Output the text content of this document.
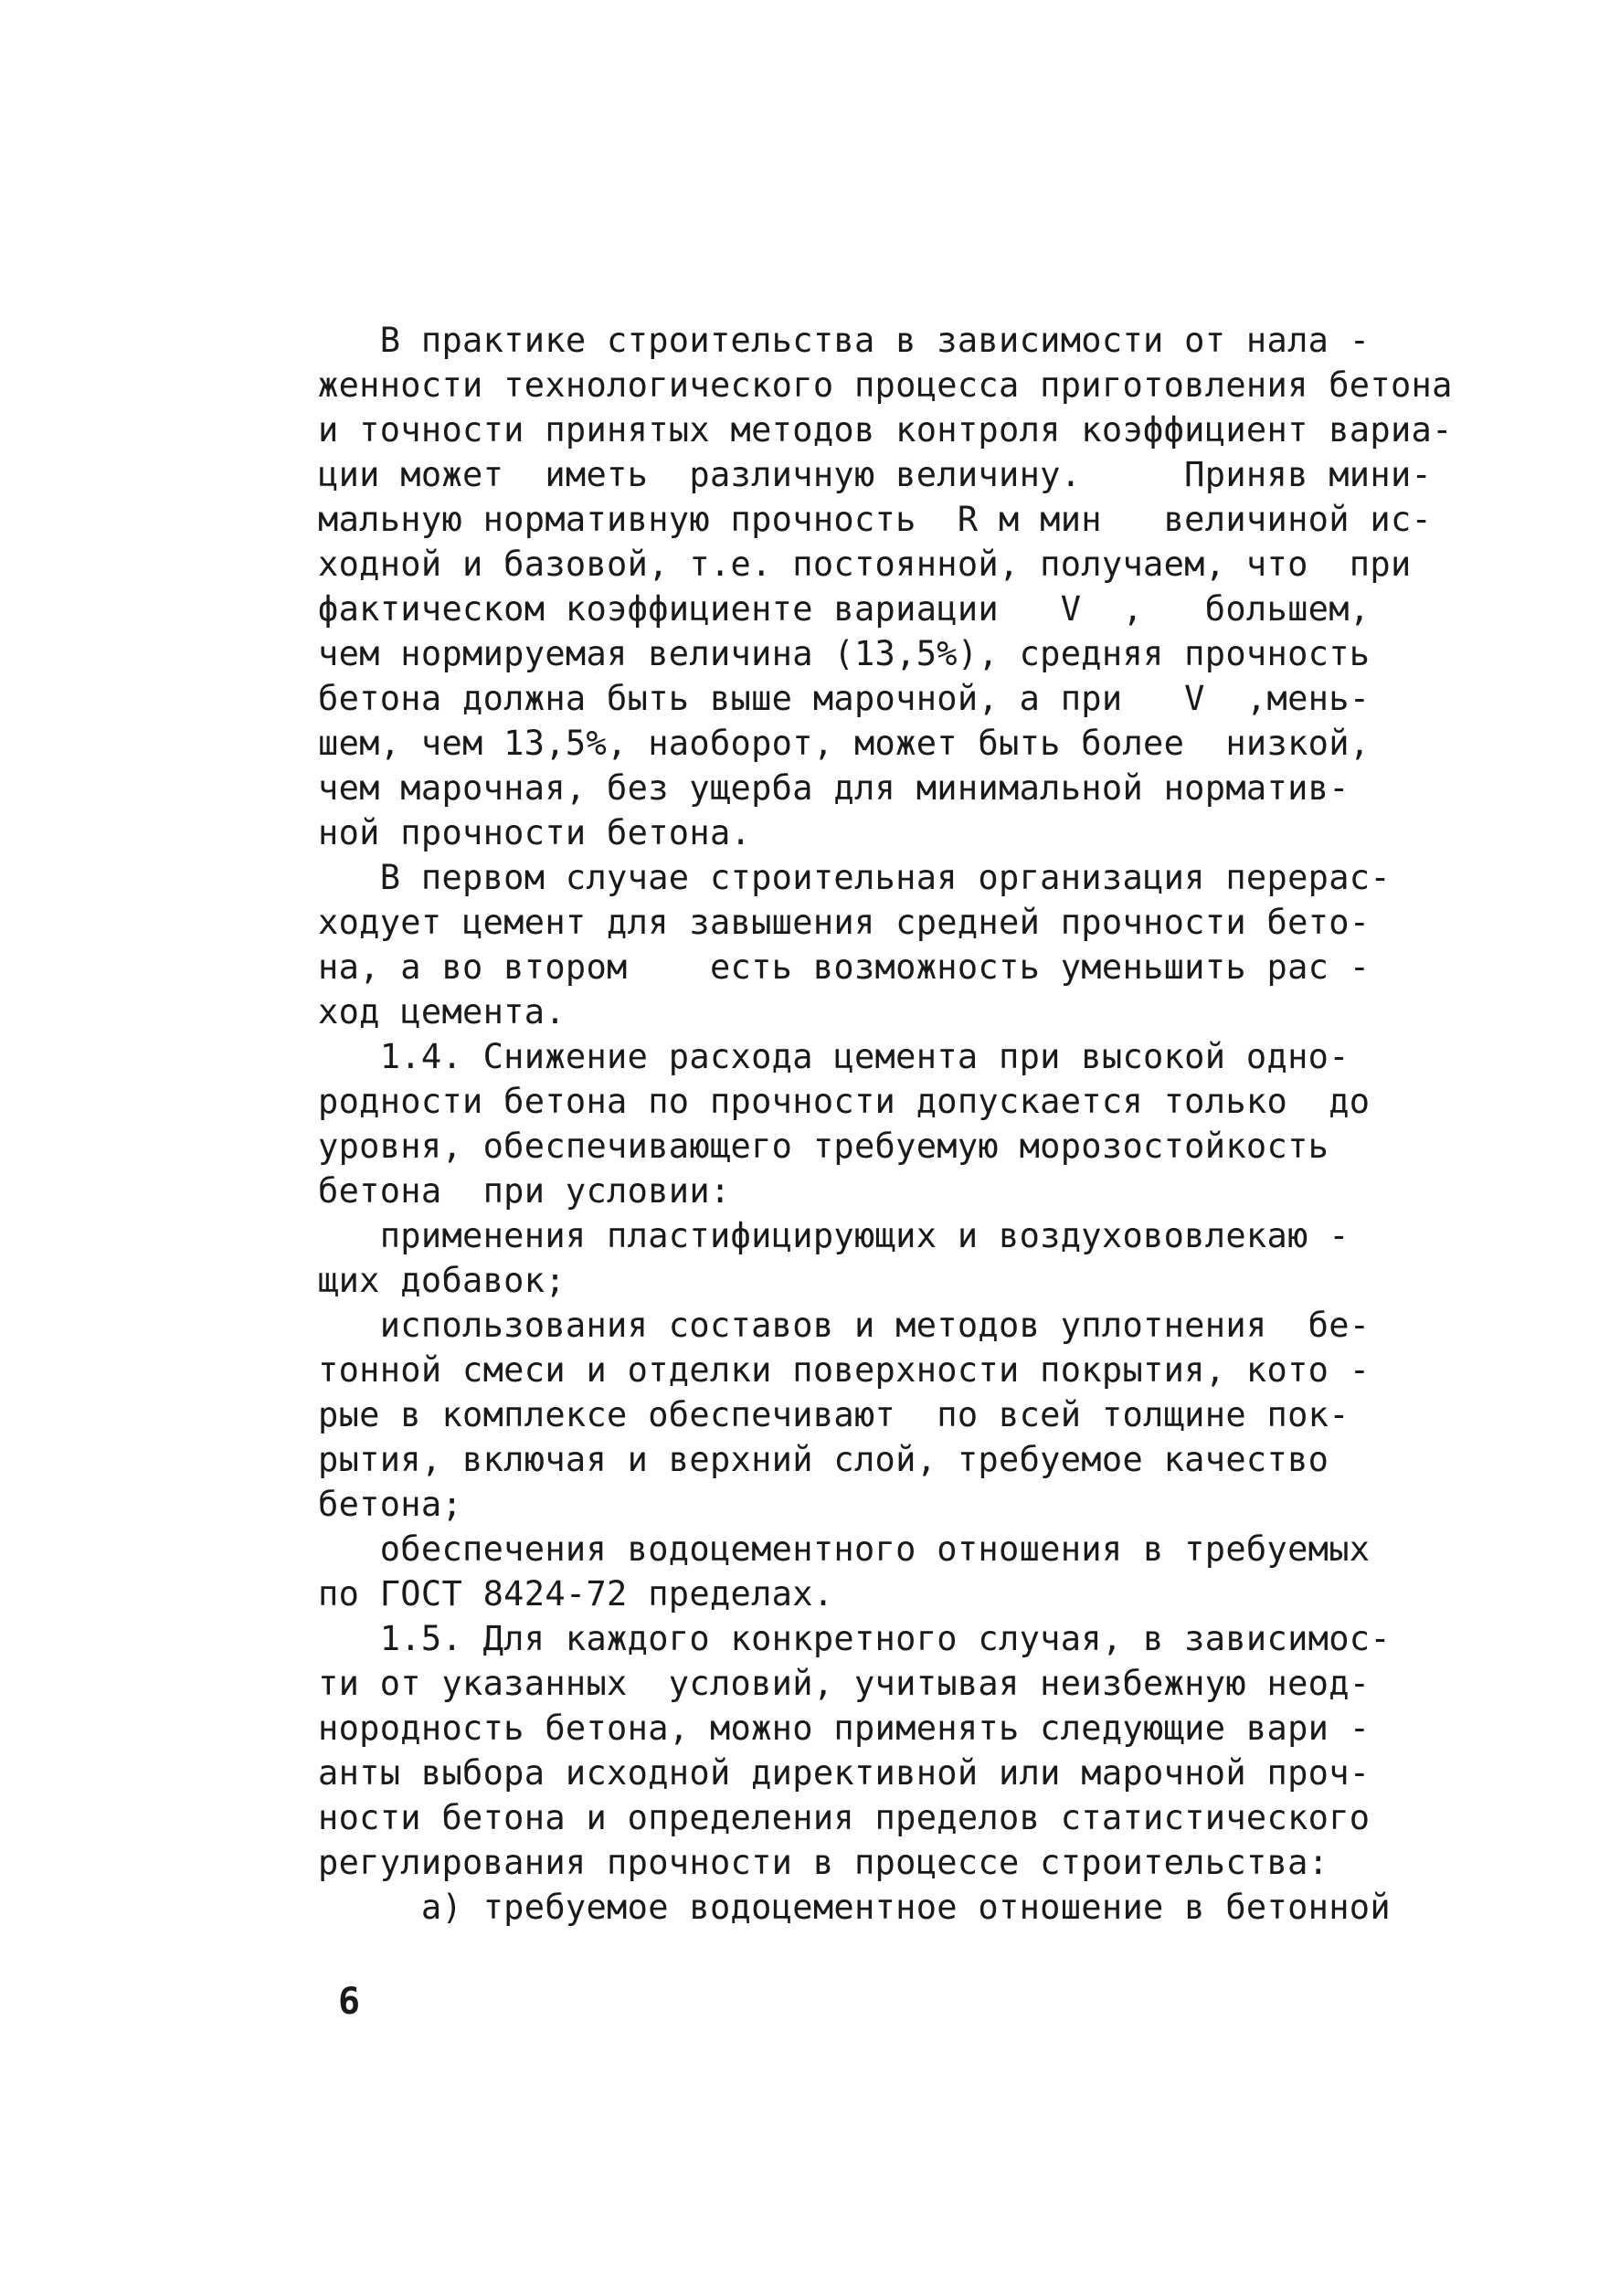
В практике строительства в зависимости от нала -
женности технологического процесса приготовления бетона
и точности принятых методов контроля коэффициент вариа-
ции может  иметь  различную величину.     Приняв мини-
мальную нормативную прочность  R м мин   величиной ис-
ходной и базовой, т.е. постоянной, получаем, что  при
фактическом коэффициенте вариации   V  ,   большем,
чем нормируемая величина (13,5%), средняя прочность
бетона должна быть выше марочной, а при   V  ,мень-
шем, чем 13,5%, наоборот, может быть более  низкой,
чем марочная, без ущерба для минимальной норматив-
ной прочности бетона.
В первом случае строительная организация перерас-
ходует цемент для завышения средней прочности бето-
на, а во втором    есть возможность уменьшить рас -
ход цемента.
1.4. Снижение расхода цемента при высокой одно-
родности бетона по прочности допускается только  до
уровня, обеспечивающего требуемую морозостойкость
бетона  при условии:
применения пластифицирующих и воздухововлекаю -
щих добавок;
использования составов и методов уплотнения  бе-
тонной смеси и отделки поверхности покрытия, кото -
рые в комплексе обеспечивают  по всей толщине пок-
рытия, включая и верхний слой, требуемое качество
бетона;
обеспечения водоцементного отношения в требуемых
по ГОСТ 8424-72 пределах.
1.5. Для каждого конкретного случая, в зависимос-
ти от указанных  условий, учитывая неизбежную неод-
нородность бетона, можно применять следующие вари -
анты выбора исходной директивной или марочной проч-
ности бетона и определения пределов статистического
регулирования прочности в процессе строительства:
а) требуемое водоцементное отношение в бетонной
6
